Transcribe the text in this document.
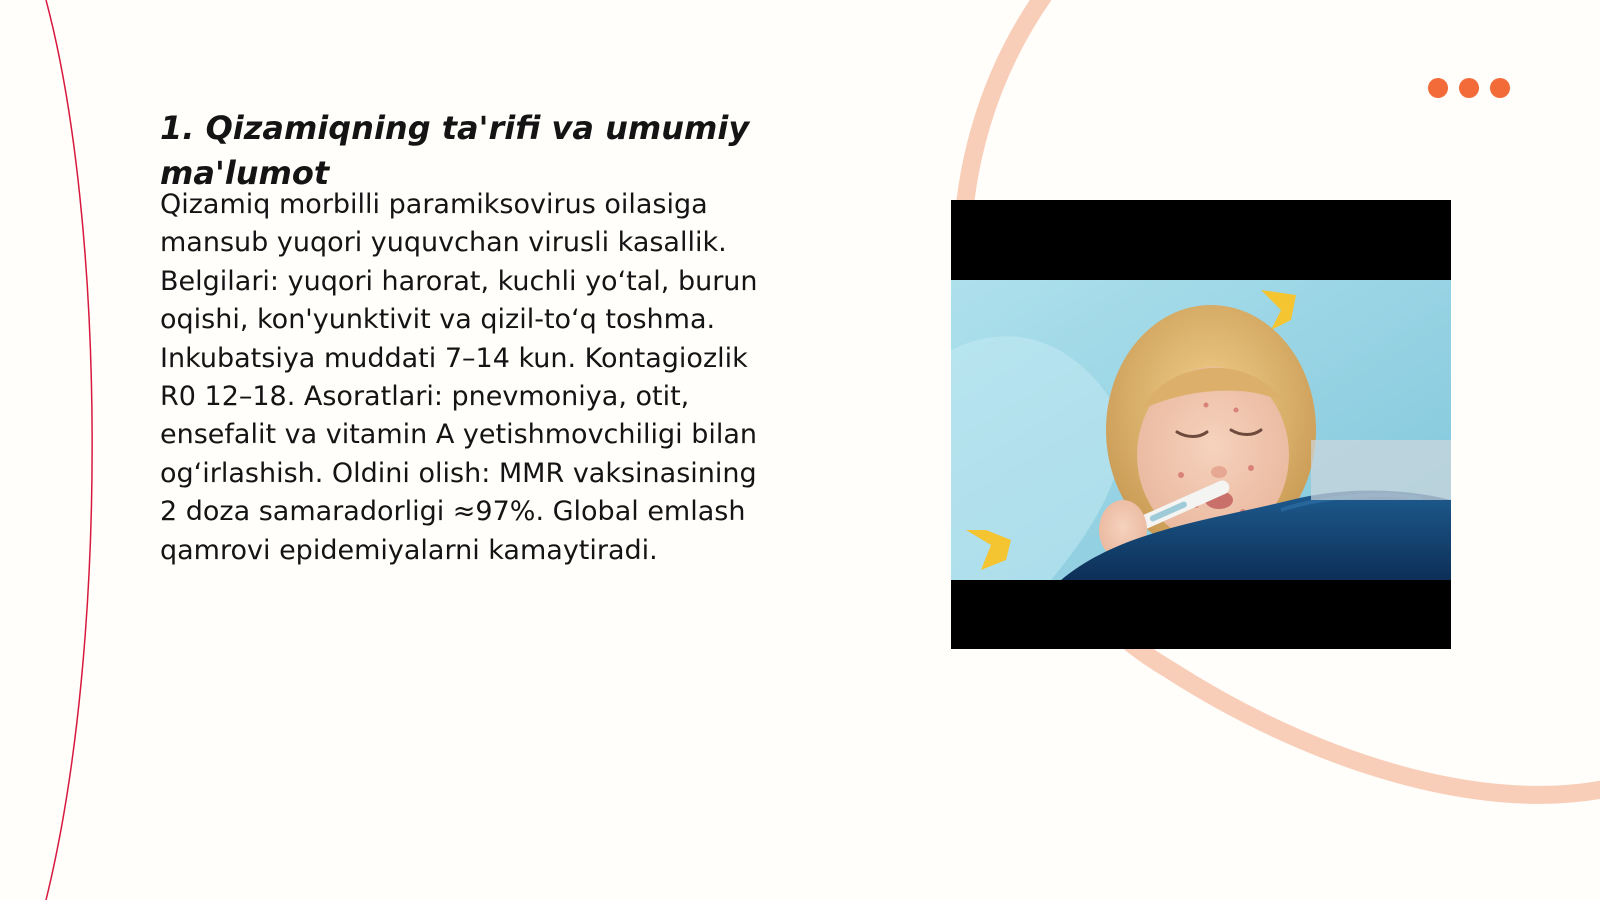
1. Qizamiqning ta'rifi va umumiy
ma'lumot

Qizamiq morbilli paramiksovirus oilasiga
mansub yuqori yuquvchan virusli kasallik.
Belgilari: yuqori harorat, kuchli yo‘tal, burun
oqishi, kon'yunktivit va qizil-to‘q toshma.
Inkubatsiya muddati 7–14 kun. Kontagiozlik
R0 12–18. Asoratlari: pnevmoniya, otit,
ensefalit va vitamin A yetishmovchiligi bilan
og‘irlashish. Oldini olish: MMR vaksinasining
2 doza samaradorligi ≈97%. Global emlash
qamrovi epidemiyalarni kamaytiradi.
